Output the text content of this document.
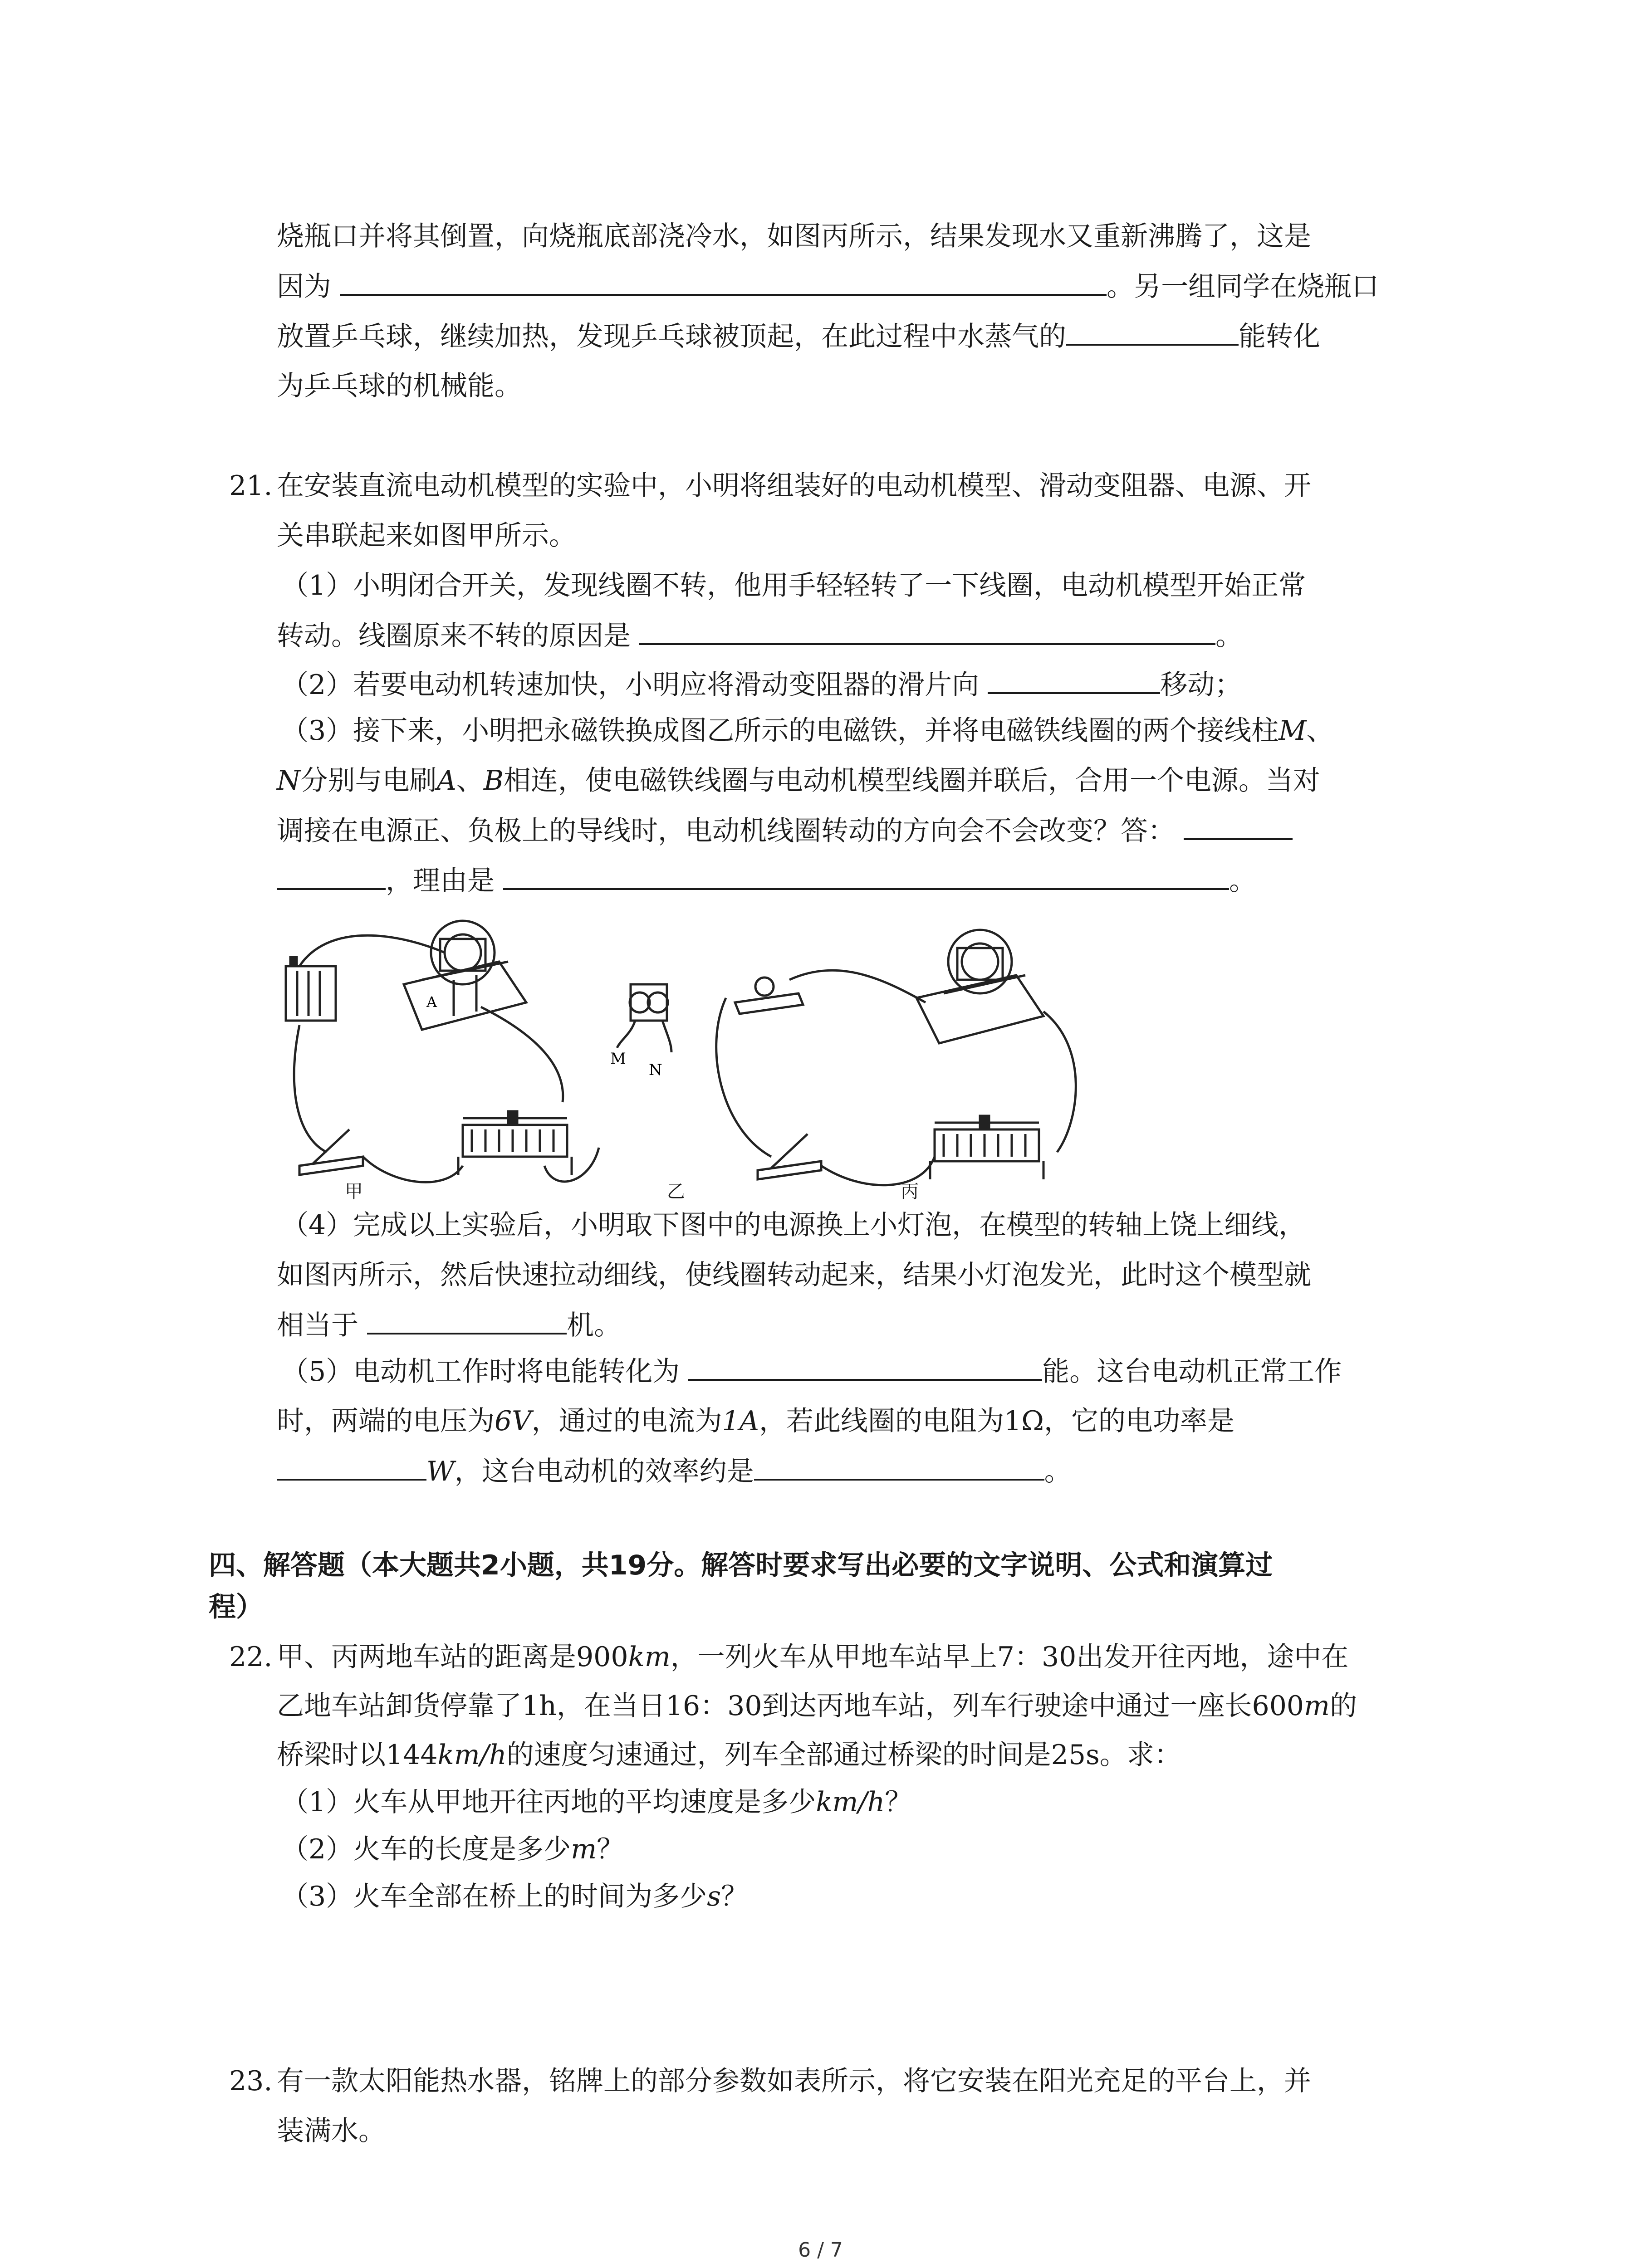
烧瓶口并将其倒置，向烧瓶底部浇冷水，如图丙所示，结果发现水又重新沸腾了，这是
因为	。另一组同学在烧瓶口
放置乒乓球，继续加热，发现乒乓球被顶起，在此过程中水蒸气的	能转化
为乒乓球的机械能。
21. 在安装直流电动机模型的实验中，小明将组装好的电动机模型、滑动变阻器、电源、开
关串联起来如图甲所示。
（1）小明闭合开关，发现线圈不转，他用手轻轻转了一下线圈，电动机模型开始正常
转动。线圈原来不转的原因是	。
（2）若要电动机转速加快，小明应将滑动变阻器的滑片向	移动；
（3）接下来，小明把永磁铁换成图乙所示的电磁铁，并将电磁铁线圈的两个接线柱M、
N分别与电刷A、B相连，使电磁铁线圈与电动机模型线圈并联后，合用一个电源。当对
调接在电源正、负极上的导线时，电动机线圈转动的方向会不会改变？答：
，理由是	。
A
M
N
甲	乙	丙
（4）完成以上实验后，小明取下图中的电源换上小灯泡，在模型的转轴上饶上细线，
如图丙所示，然后快速拉动细线，使线圈转动起来，结果小灯泡发光，此时这个模型就
相当于	机。
（5）电动机工作时将电能转化为	能。这台电动机正常工作
时，两端的电压为6V，通过的电流为1A，若此线圈的电阻为1Ω，它的电功率是
W，这台电动机的效率约是	。
四、解答题（本大题共2小题，共19分。解答时要求写出必要的文字说明、公式和演算过
程）
22. 甲、丙两地车站的距离是900km，一列火车从甲地车站早上7：30出发开往丙地，途中在
乙地车站卸货停靠了1h，在当日16：30到达丙地车站，列车行驶途中通过一座长600m的
桥梁时以144km/h的速度匀速通过，列车全部通过桥梁的时间是25s。求：
（1）火车从甲地开往丙地的平均速度是多少km/h？
（2）火车的长度是多少m？
（3）火车全部在桥上的时间为多少s？
23. 有一款太阳能热水器，铭牌上的部分参数如表所示，将它安装在阳光充足的平台上，并
装满水。
6 / 7
